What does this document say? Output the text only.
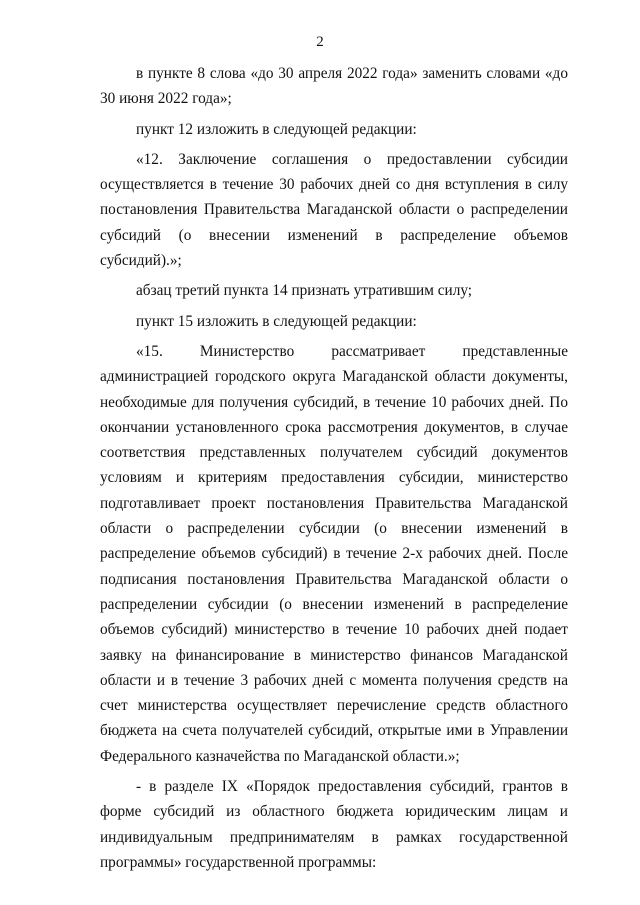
2

в пункте 8 слова «до 30 апреля 2022 года» заменить словами «до 30 июня 2022 года»;

пункт 12 изложить в следующей редакции:

«12. Заключение соглашения о предоставлении субсидии осуществляется в течение 30 рабочих дней со дня вступления в силу постановления Правительства Магаданской области о распределении субсидий (о внесении изменений в распределение объемов субсидий).»;

абзац третий пункта 14 признать утратившим силу;

пункт 15 изложить в следующей редакции:

«15. Министерство рассматривает представленные администрацией городского округа Магаданской области документы, необходимые для получения субсидий, в течение 10 рабочих дней. По окончании установленного срока рассмотрения документов, в случае соответствия представленных получателем субсидий документов условиям и критериям предоставления субсидии, министерство подготавливает проект постановления Правительства Магаданской области о распределении субсидии (о внесении изменений в распределение объемов субсидий) в течение 2-х рабочих дней. После подписания постановления Правительства Магаданской области о распределении субсидии (о внесении изменений в распределение объемов субсидий) министерство в течение 10 рабочих дней подает заявку на финансирование в министерство финансов Магаданской области и в течение 3 рабочих дней с момента получения средств на счет министерства осуществляет перечисление средств областного бюджета на счета получателей субсидий, открытые ими в Управлении Федерального казначейства по Магаданской области.»;

- в разделе IX «Порядок предоставления субсидий, грантов в форме субсидий из областного бюджета юридическим лицам и индивидуальным предпринимателям в рамках государственной программы» государственной программы:
